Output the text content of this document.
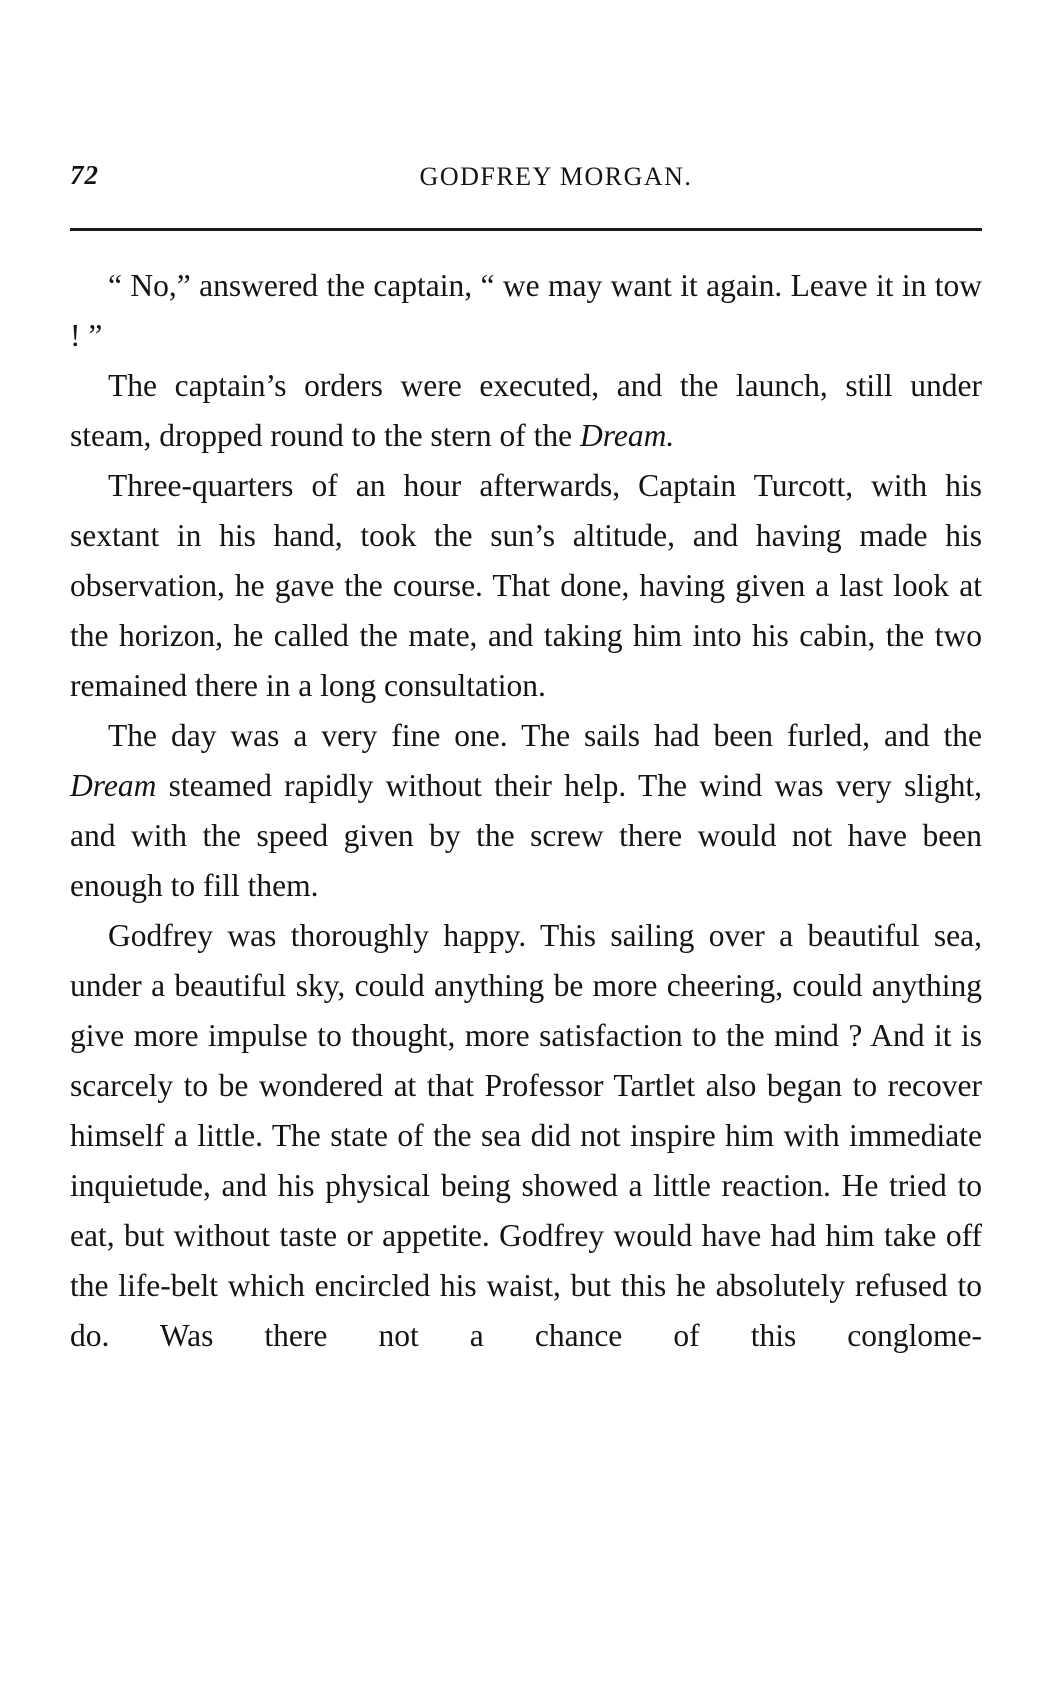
72	GODFREY MORGAN.

“ No,” answered the captain, “ we may want it again. Leave it in tow ! ”

The captain’s orders were executed, and the launch, still under steam, dropped round to the stern of the Dream.

Three-quarters of an hour afterwards, Captain Turcott, with his sextant in his hand, took the sun’s altitude, and having made his observation, he gave the course. That done, having given a last look at the horizon, he called the mate, and taking him into his cabin, the two remained there in a long consultation.

The day was a very fine one. The sails had been furled, and the Dream steamed rapidly without their help. The wind was very slight, and with the speed given by the screw there would not have been enough to fill them.

Godfrey was thoroughly happy. This sailing over a beautiful sea, under a beautiful sky, could anything be more cheering, could anything give more impulse to thought, more satisfaction to the mind ? And it is scarcely to be wondered at that Professor Tartlet also began to recover himself a little. The state of the sea did not inspire him with immediate inquietude, and his physical being showed a little reaction. He tried to eat, but without taste or appetite. Godfrey would have had him take off the life-belt which encircled his waist, but this he absolutely refused to do. Was there not a chance of this conglome-
